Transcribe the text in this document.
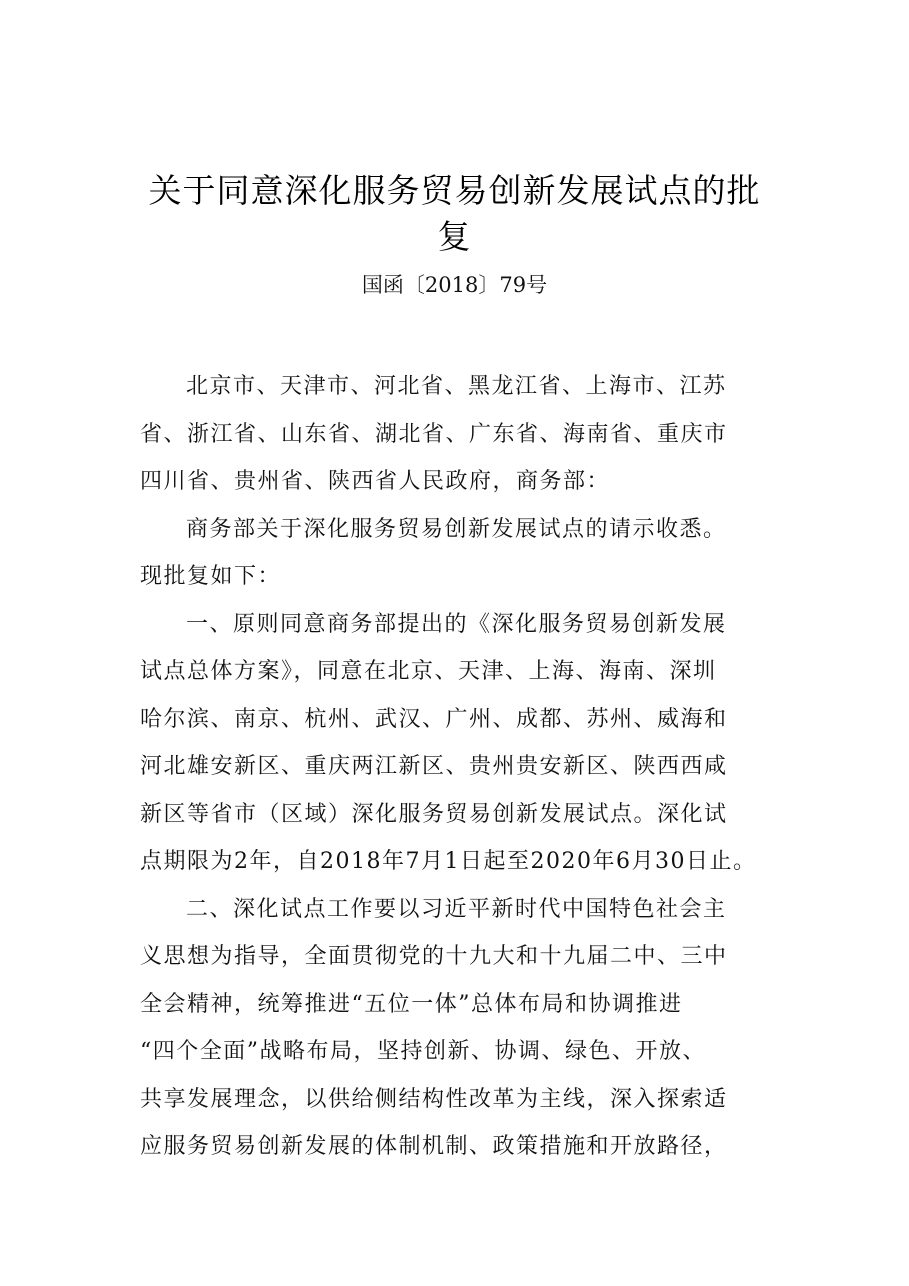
关于同意深化服务贸易创新发展试点的批
复
国函〔2018〕79号
北京市、天津市、河北省、黑龙江省、上海市、江苏
省、浙江省、山东省、湖北省、广东省、海南省、重庆市
四川省、贵州省、陕西省人民政府，商务部：
商务部关于深化服务贸易创新发展试点的请示收悉。
现批复如下：
一、原则同意商务部提出的《深化服务贸易创新发展
试点总体方案》，同意在北京、天津、上海、海南、深圳
哈尔滨、南京、杭州、武汉、广州、成都、苏州、威海和
河北雄安新区、重庆两江新区、贵州贵安新区、陕西西咸
新区等省市（区域）深化服务贸易创新发展试点。深化试
点期限为2年，自2018年7月1日起至2020年6月30日止。
二、深化试点工作要以习近平新时代中国特色社会主
义思想为指导，全面贯彻党的十九大和十九届二中、三中
全会精神，统筹推进“五位一体”总体布局和协调推进
“四个全面”战略布局，坚持创新、协调、绿色、开放、
共享发展理念，以供给侧结构性改革为主线，深入探索适
应服务贸易创新发展的体制机制、政策措施和开放路径，
